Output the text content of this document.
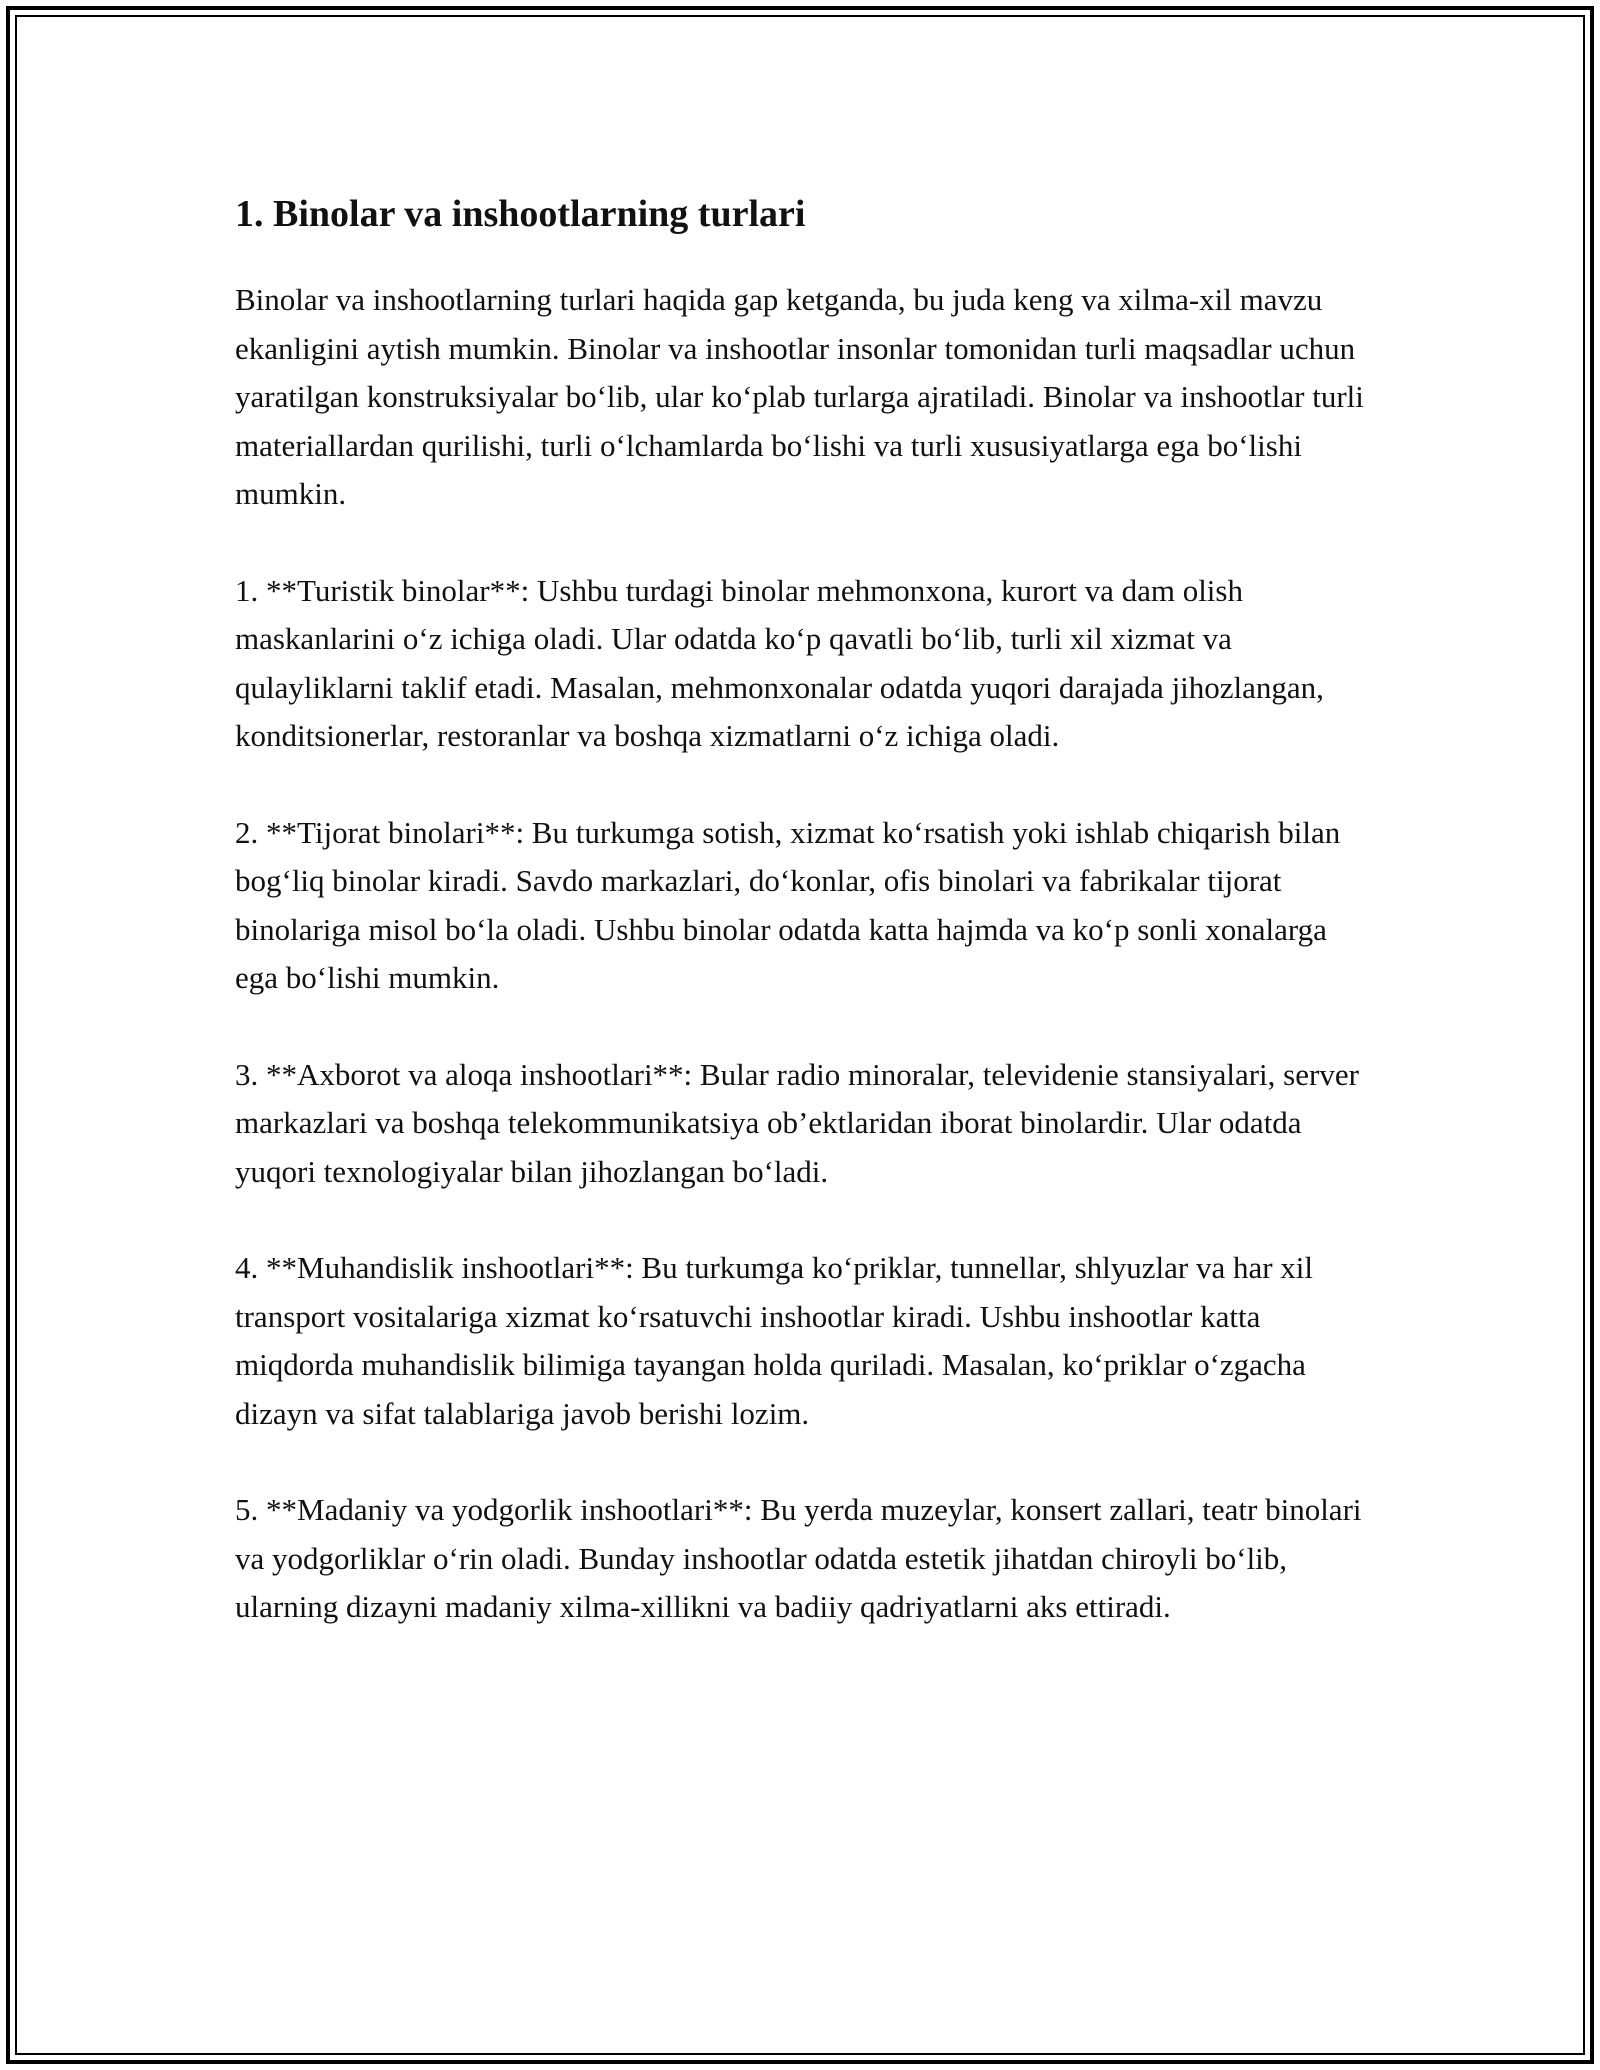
1. Binolar va inshootlarning turlari

Binolar va inshootlarning turlari haqida gap ketganda, bu juda keng va xilma-xil mavzu ekanligini aytish mumkin. Binolar va inshootlar insonlar tomonidan turli maqsadlar uchun yaratilgan konstruksiyalar bo‘lib, ular ko‘plab turlarga ajratiladi. Binolar va inshootlar turli materiallardan qurilishi, turli o‘lchamlarda bo‘lishi va turli xususiyatlarga ega bo‘lishi mumkin.

1. **Turistik binolar**: Ushbu turdagi binolar mehmonxona, kurort va dam olish maskanlarini o‘z ichiga oladi. Ular odatda ko‘p qavatli bo‘lib, turli xil xizmat va qulayliklarni taklif etadi. Masalan, mehmonxonalar odatda yuqori darajada jihozlangan, konditsionerlar, restoranlar va boshqa xizmatlarni o‘z ichiga oladi.

2. **Tijorat binolari**: Bu turkumga sotish, xizmat ko‘rsatish yoki ishlab chiqarish bilan bog‘liq binolar kiradi. Savdo markazlari, do‘konlar, ofis binolari va fabrikalar tijorat binolariga misol bo‘la oladi. Ushbu binolar odatda katta hajmda va ko‘p sonli xonalarga ega bo‘lishi mumkin.

3. **Axborot va aloqa inshootlari**: Bular radio minoralar, televidenie stansiyalari, server markazlari va boshqa telekommunikatsiya ob’ektlaridan iborat binolardir. Ular odatda yuqori texnologiyalar bilan jihozlangan bo‘ladi.

4. **Muhandislik inshootlari**: Bu turkumga ko‘priklar, tunnellar, shlyuzlar va har xil transport vositalariga xizmat ko‘rsatuvchi inshootlar kiradi. Ushbu inshootlar katta miqdorda muhandislik bilimiga tayangan holda quriladi. Masalan, ko‘priklar o‘zgacha dizayn va sifat talablariga javob berishi lozim.

5. **Madaniy va yodgorlik inshootlari**: Bu yerda muzeylar, konsert zallari, teatr binolari va yodgorliklar o‘rin oladi. Bunday inshootlar odatda estetik jihatdan chiroyli bo‘lib, ularning dizayni madaniy xilma-xillikni va badiiy qadriyatlarni aks ettiradi.
